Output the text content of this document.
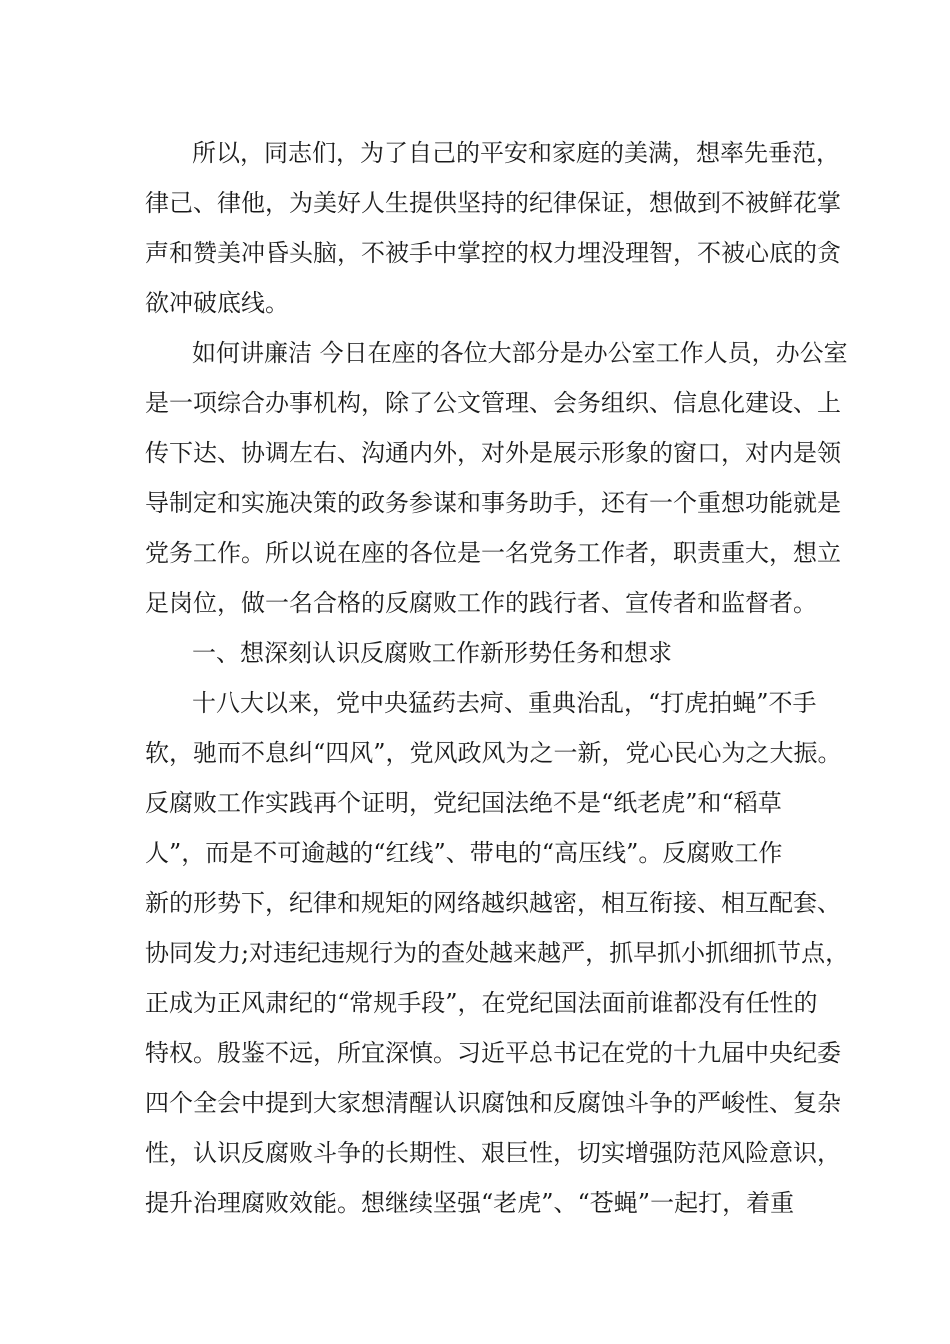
所以，同志们，为了自己的平安和家庭的美满，想率先垂范，
律己、律他，为美好人生提供坚持的纪律保证，想做到不被鲜花掌
声和赞美冲昏头脑，不被手中掌控的权力埋没理智，不被心底的贪
欲冲破底线。
如何讲廉洁 今日在座的各位大部分是办公室工作人员，办公室
是一项综合办事机构，除了公文管理、会务组织、信息化建设、上
传下达、协调左右、沟通内外，对外是展示形象的窗口，对内是领
导制定和实施决策的政务参谋和事务助手，还有一个重想功能就是
党务工作。所以说在座的各位是一名党务工作者，职责重大，想立
足岗位，做一名合格的反腐败工作的践行者、宣传者和监督者。
一、想深刻认识反腐败工作新形势任务和想求
十八大以来，党中央猛药去疴、重典治乱，“打虎拍蝇”不手
软，驰而不息纠“四风”，党风政风为之一新，党心民心为之大振。
反腐败工作实践再个证明，党纪国法绝不是“纸老虎”和“稻草
人”，而是不可逾越的“红线”、带电的“高压线”。反腐败工作
新的形势下，纪律和规矩的网络越织越密，相互衔接、相互配套、
协同发力;对违纪违规行为的查处越来越严，抓早抓小抓细抓节点，
正成为正风肃纪的“常规手段”，在党纪国法面前谁都没有任性的
特权。殷鉴不远，所宜深慎。习近平总书记在党的十九届中央纪委
四个全会中提到大家想清醒认识腐蚀和反腐蚀斗争的严峻性、复杂
性，认识反腐败斗争的长期性、艰巨性，切实增强防范风险意识，
提升治理腐败效能。想继续坚强“老虎”、“苍蝇”一起打，着重
